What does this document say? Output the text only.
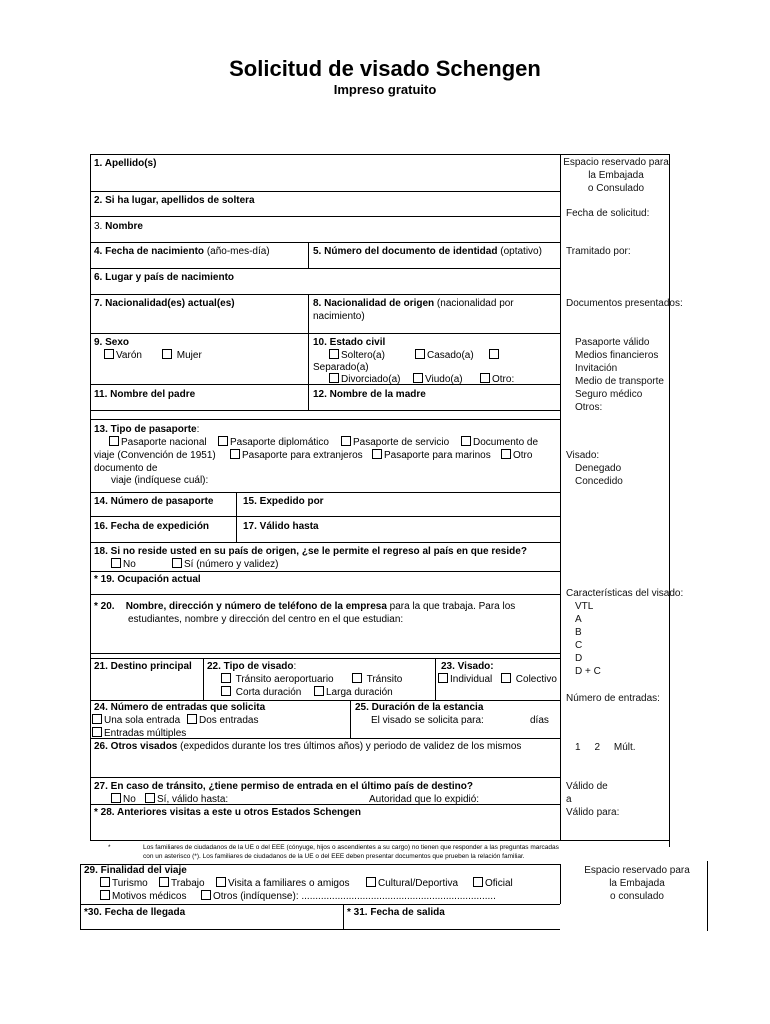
Solicitud de visado Schengen
Impreso gratuito
1. Apellido(s)
2. Si ha lugar, apellidos de soltera
3. Nombre
4. Fecha de nacimiento (año-mes-día)	5. Número del documento de identidad (optativo)
6. Lugar y país de nacimiento
7. Nacionalidad(es) actual(es)	8. Nacionalidad de origen (nacionalidad por
nacimiento)
9. Sexo
Varón	Mujer
10. Estado civil
Soltero(a)	Casado(a)
Separado(a)
Divorciado(a)	Viudo(a)	Otro:
11. Nombre del padre	12. Nombre de la madre
13. Tipo de pasaporte:
Pasaporte nacional	Pasaporte diplomático	Pasaporte de servicio	Documento de
viaje (Convención de 1951)	Pasaporte para extranjeros	Pasaporte para marinos	Otro
documento de
viaje (indíquese cuál):
14. Número de pasaporte	15. Expedido por
16. Fecha de expedición	17. Válido hasta
18. Si no reside usted en su país de origen, ¿se le permite el regreso al país en que reside?
No	Sí (número y validez)
* 19. Ocupación actual
* 20. Nombre, dirección y número de teléfono de la empresa para la que trabaja. Para los
estudiantes, nombre y dirección del centro en el que estudian:
21. Destino principal 22. Tipo de visado:
Tránsito aeroportuario	Tránsito
Corta duración	Larga duración
23. Visado:
Individual	Colectivo
24. Número de entradas que solicita
Una sola entrada	Dos entradas
Entradas múltiples
25. Duración de la estancia
El visado se solicita para:	días
26. Otros visados (expedidos durante los tres últimos años) y periodo de validez de los mismos
27. En caso de tránsito, ¿tiene permiso de entrada en el último país de destino?
No	Sí, válido hasta:	Autoridad que lo expidió:
* 28. Anteriores visitas a este u otros Estados Schengen
*	Los familiares de ciudadanos de la UE o del EEE (cónyuge, hijos o ascendientes a su cargo) no tienen que responder a las preguntas marcadas
con un asterisco (*). Los familiares de ciudadanos de la UE o del EEE deben presentar documentos que prueben la relación familiar.
29. Finalidad del viaje
Turismo	Trabajo	Visita a familiares o amigos	Cultural/Deportiva	Oficial
Motivos médicos	Otros (indíquense): ......................................................................
*30. Fecha de llegada	* 31. Fecha de salida
Espacio reservado para
la Embajada
o Consulado
Fecha de solicitud:
Tramitado por:
Documentos presentados:
Pasaporte válido
Medios financieros
Invitación
Medio de transporte
Seguro médico
Otros:
Visado:
Denegado
Concedido
Características del visado:
VTL
A
B
C
D
D + C
Número de entradas:
1     2     Múlt.
Válido de
a
Válido para:
Espacio reservado para
la Embajada
o consulado
